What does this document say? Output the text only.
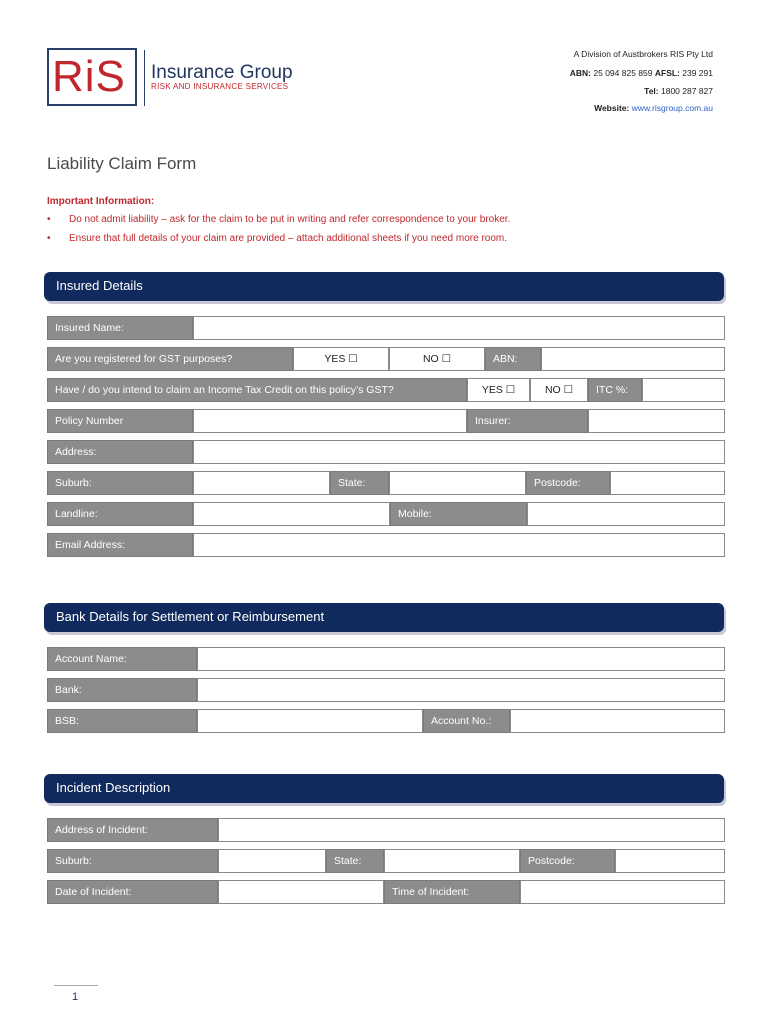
RiS Insurance Group
RISK AND INSURANCE SERVICES
A Division of Austbrokers RIS Pty Ltd
ABN: 25 094 825 859 AFSL: 239 291
Tel: 1800 287 827
Website: www.risgroup.com.au
Liability Claim Form
Important Information:
• Do not admit liability – ask for the claim to be put in writing and refer correspondence to your broker.
• Ensure that full details of your claim are provided – attach additional sheets if you need more room.
Insured Details
Insured Name:
Are you registered for GST purposes?	YES ☐	NO ☐	ABN:
Have / do you intend to claim an Income Tax Credit on this policy’s GST?	YES ☐	NO ☐	ITC %:
Policy Number	Insurer:
Address:
Suburb:	State:	Postcode:
Landline:	Mobile:
Email Address:
Bank Details for Settlement or Reimbursement
Account Name:
Bank:
BSB:	Account No.:
Incident Description
Address of Incident:
Suburb:	State:	Postcode:
Date of Incident:	Time of Incident:
1
